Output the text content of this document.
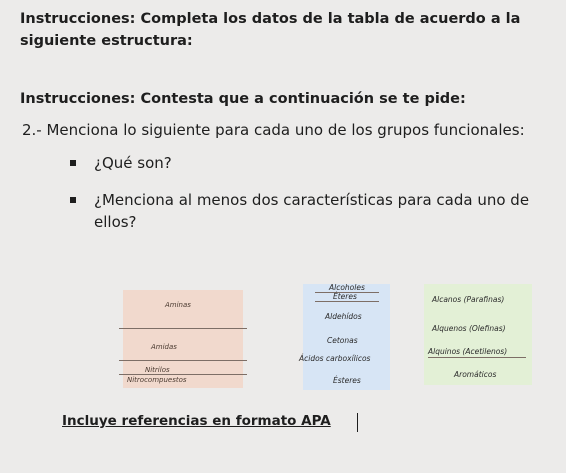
Instrucciones: Completa los datos de la tabla de acuerdo a la siguiente estructura:
Instrucciones: Contesta que a continuación se te pide:
2.- Menciona lo siguiente para cada uno de los grupos funcionales:
¿Qué son?
¿Menciona al menos dos características para cada uno de ellos?
Aminas
Amidas
Nitrilos
Nitrocompuestos
Alcoholes
Éteres
Aldehídos
Cetonas
Ácidos carboxílicos
Ésteres
Alcanos (Parafinas)
Alquenos (Olefinas)
Alquinos (Acetilenos)
Aromáticos
Incluye referencias en formato APA
